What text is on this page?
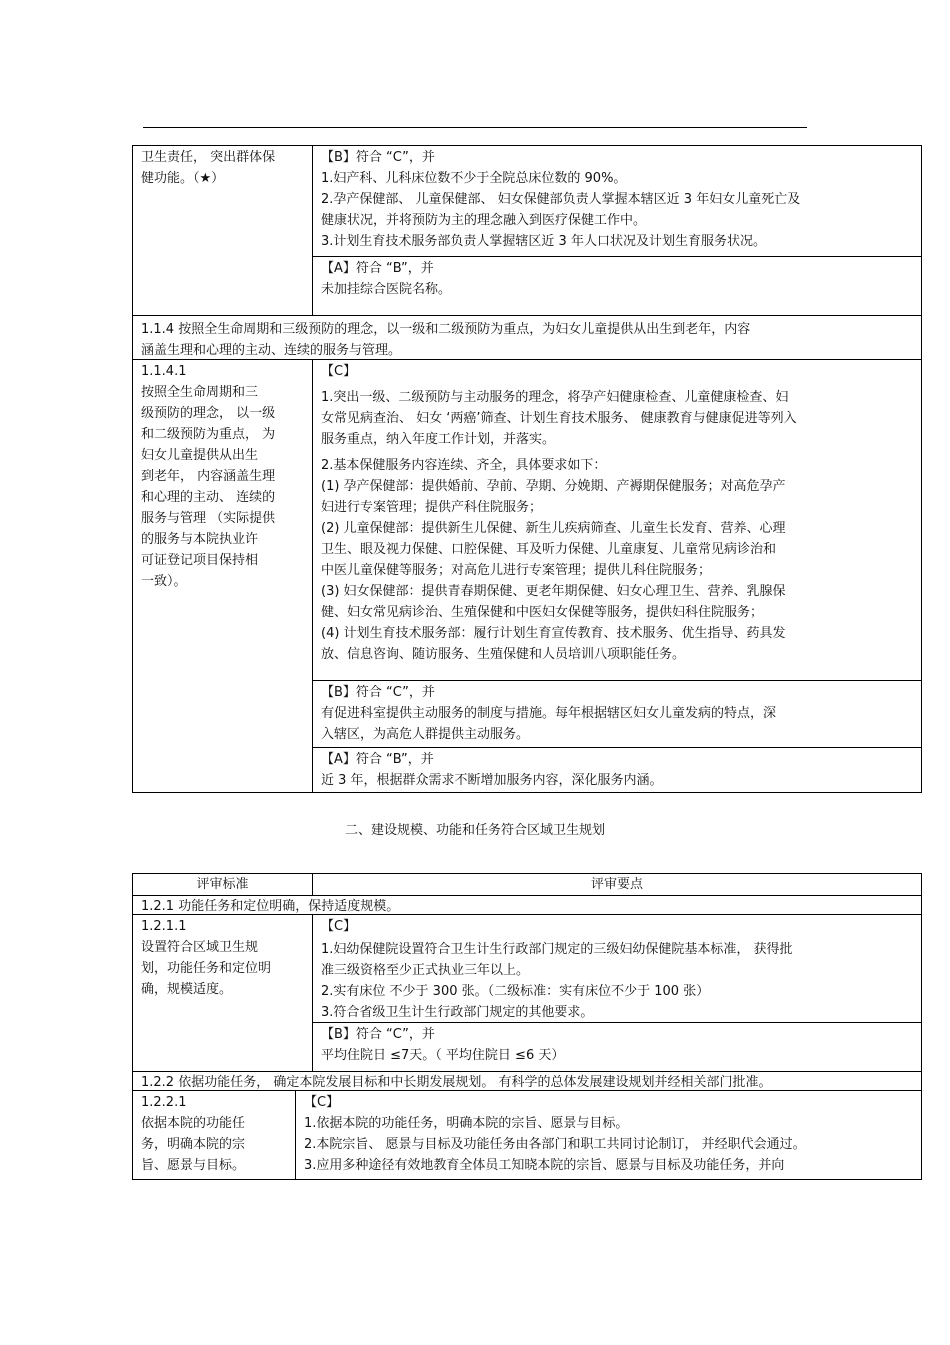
卫生责任， 突出群体保
健功能。（★）
【B】符合 “C”，并
1.妇产科、儿科床位数不少于全院总床位数的 90%。
2.孕产保健部、 儿童保健部、 妇女保健部负责人掌握本辖区近 3 年妇女儿童死亡及
健康状况，并将预防为主的理念融入到医疗保健工作中。
3.计划生育技术服务部负责人掌握辖区近 3 年人口状况及计划生育服务状况。
【A】符合 “B”，并
未加挂综合医院名称。
1.1.4 按照全生命周期和三级预防的理念，以一级和二级预防为重点，为妇女儿童提供从出生到老年，内容
涵盖生理和心理的主动、连续的服务与管理。
1.1.4.1
按照全生命周期和三
级预防的理念， 以一级
和二级预防为重点， 为
妇女儿童提供从出生
到老年， 内容涵盖生理
和心理的主动、 连续的
服务与管理 （实际提供
的服务与本院执业许
可证登记项目保持相
一致）。
【C】
1.突出一级、二级预防与主动服务的理念，将孕产妇健康检查、儿童健康检查、妇
女常见病查治、 妇女 ‘两癌’筛查、计划生育技术服务、 健康教育与健康促进等列入
服务重点，纳入年度工作计划，并落实。
2.基本保健服务内容连续、齐全，具体要求如下：
(1) 孕产保健部：提供婚前、孕前、孕期、分娩期、产褥期保健服务；对高危孕产
妇进行专案管理；提供产科住院服务；
(2) 儿童保健部：提供新生儿保健、新生儿疾病筛查、儿童生长发育、营养、心理
卫生、眼及视力保健、口腔保健、耳及听力保健、儿童康复、儿童常见病诊治和
中医儿童保健等服务；对高危儿进行专案管理；提供儿科住院服务；
(3) 妇女保健部：提供青春期保健、更老年期保健、妇女心理卫生、营养、乳腺保
健、妇女常见病诊治、生殖保健和中医妇女保健等服务，提供妇科住院服务；
(4) 计划生育技术服务部：履行计划生育宣传教育、技术服务、优生指导、药具发
放、信息咨询、随访服务、生殖保健和人员培训八项职能任务。
【B】符合 “C”，并
有促进科室提供主动服务的制度与措施。每年根据辖区妇女儿童发病的特点，深
入辖区，为高危人群提供主动服务。
【A】符合 “B”，并
近 3 年，根据群众需求不断增加服务内容，深化服务内涵。
二、建设规模、功能和任务符合区域卫生规划
评审标准	评审要点
1.2.1 功能任务和定位明确，保持适度规模。
1.2.1.1
设置符合区域卫生规
划，功能任务和定位明
确，规模适度。
【C】
1.妇幼保健院设置符合卫生计生行政部门规定的三级妇幼保健院基本标准， 获得批
准三级资格至少正式执业三年以上。
2.实有床位 不少于 300 张。（二级标准：实有床位不少于 100 张）
3.符合省级卫生计生行政部门规定的其他要求。
【B】符合 “C”，并
平均住院日 ≤7天。（ 平均住院日 ≤6 天）
1.2.2 依据功能任务， 确定本院发展目标和中长期发展规划。 有科学的总体发展建设规划并经相关部门批准。
1.2.2.1
依据本院的功能任
务，明确本院的宗
旨、愿景与目标。
【C】
1.依据本院的功能任务，明确本院的宗旨、愿景与目标。
2.本院宗旨、 愿景与目标及功能任务由各部门和职工共同讨论制订， 并经职代会通过。
3.应用多种途径有效地教育全体员工知晓本院的宗旨、愿景与目标及功能任务，并向
